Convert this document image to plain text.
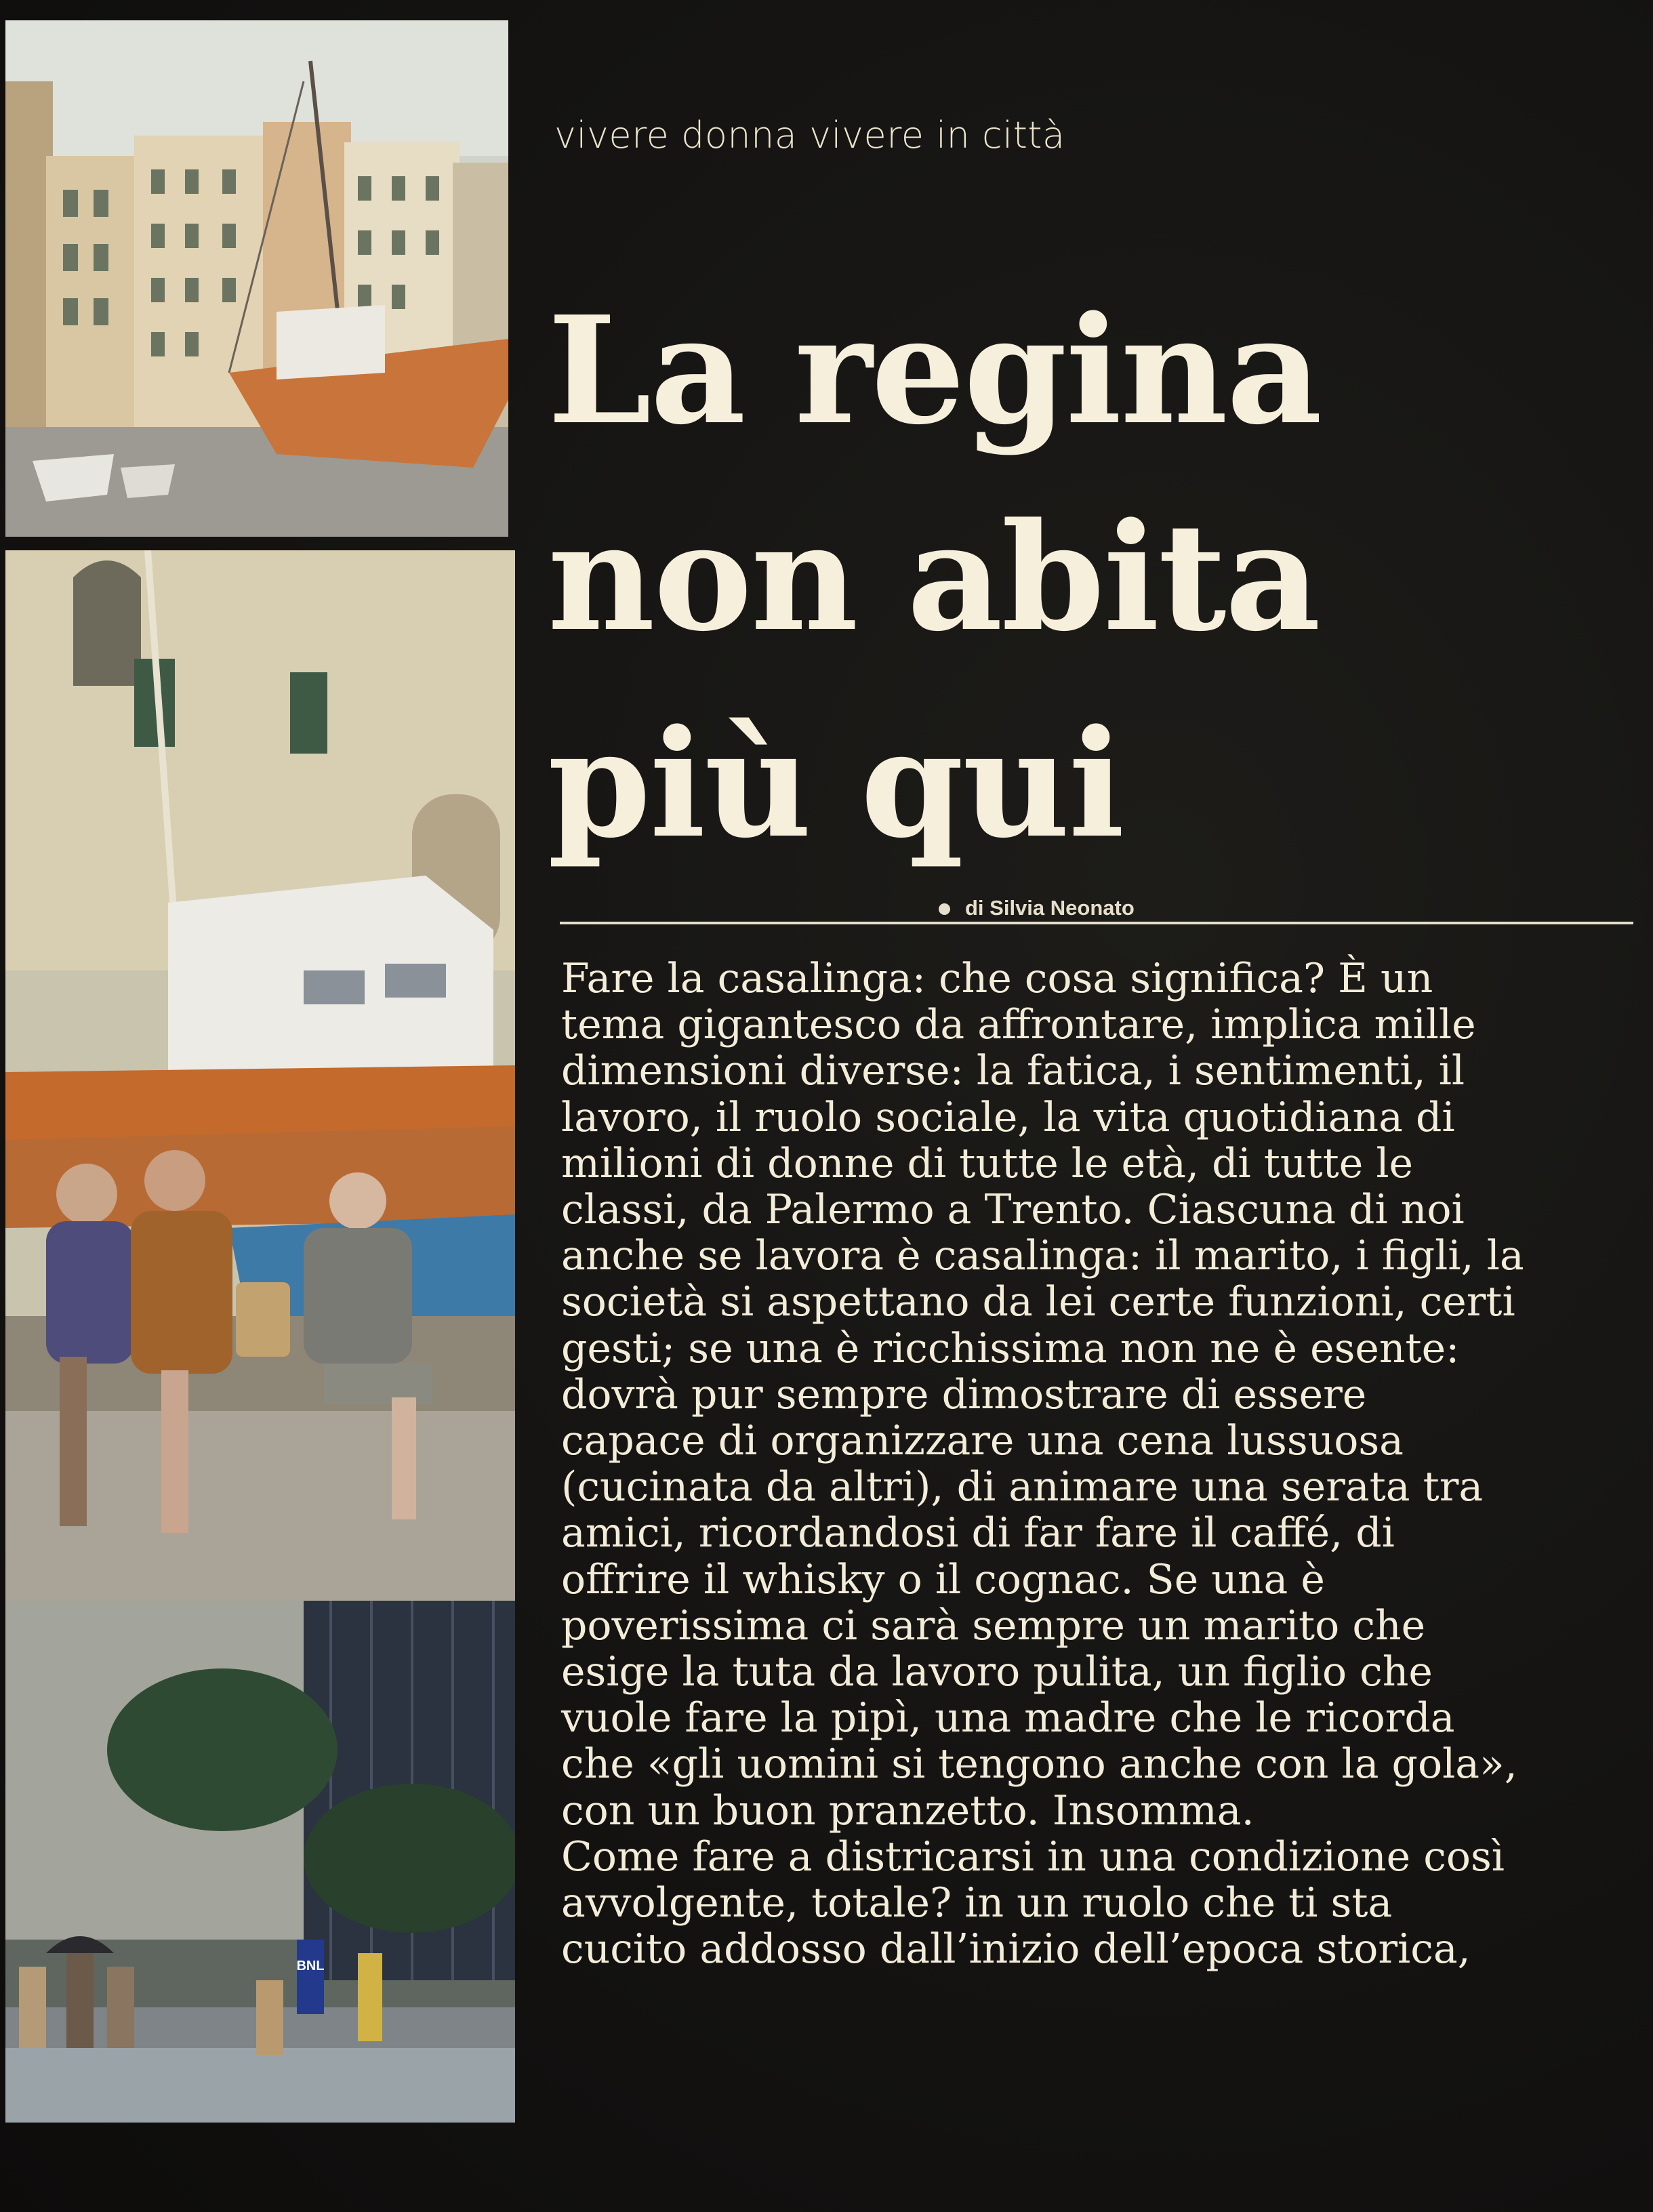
BNL
vivere donna vivere in città
La regina
non abita
più qui
di Silvia Neonato
Fare la casalinga: che cosa significa? È un
tema gigantesco da affrontare, implica mille
dimensioni diverse: la fatica, i sentimenti, il
lavoro, il ruolo sociale, la vita quotidiana di
milioni di donne di tutte le età, di tutte le
classi, da Palermo a Trento. Ciascuna di noi
anche se lavora è casalinga: il marito, i figli, la
società si aspettano da lei certe funzioni, certi
gesti; se una è ricchissima non ne è esente:
dovrà pur sempre dimostrare di essere
capace di organizzare una cena lussuosa
(cucinata da altri), di animare una serata tra
amici, ricordandosi di far fare il caffé, di
offrire il whisky o il cognac. Se una è
poverissima ci sarà sempre un marito che
esige la tuta da lavoro pulita, un figlio che
vuole fare la pipì, una madre che le ricorda
che «gli uomini si tengono anche con la gola»,
con un buon pranzetto. Insomma.
Come fare a districarsi in una condizione così
avvolgente, totale? in un ruolo che ti sta
cucito addosso dall’inizio dell’epoca storica,
